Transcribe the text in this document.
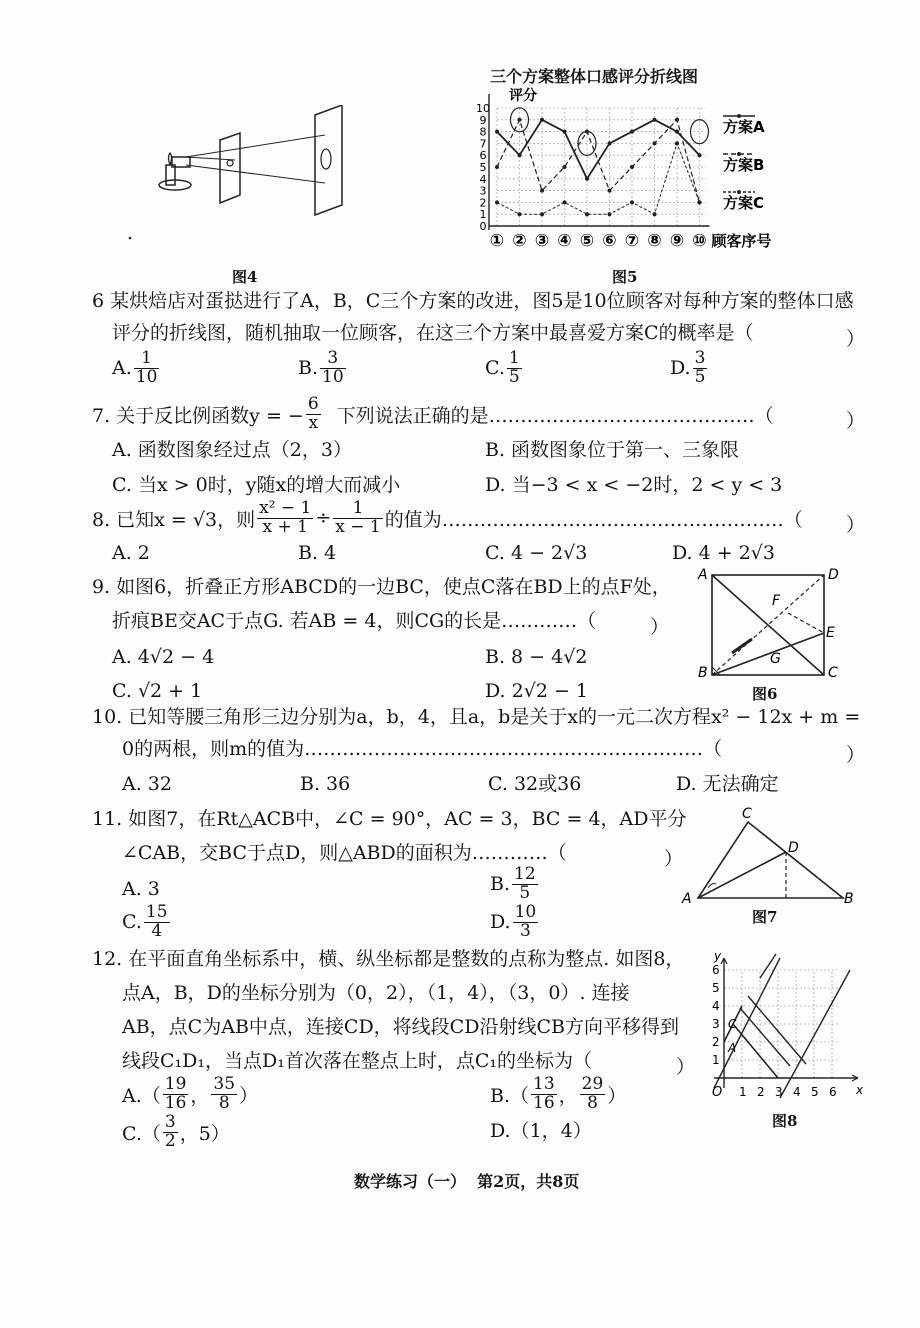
图4
三个方案整体口感评分折线图
0
1
2
3
4
5
6
7
8
9
10
① ② ③ ④ ⑤ ⑥ ⑦ ⑧ ⑨ ⑩
评分
顾客序号
方案A
方案B
方案C
图5
6 某烘焙店对蛋挞进行了A，B，C三个方案的改进，图5是10位顾客对每种方案的整体口感
评分的折线图，随机抽取一位顾客，在这三个方案中最喜爱方案C的概率是（	）
A. $\frac{1}{10}$	B. $\frac{3}{10}$	C. $\frac{1}{5}$	D. $\frac{3}{5}$
7. 关于反比例函数y = − $\frac{6}{x}$ 下列说法正确的是……………………………………（	）
A. 函数图象经过点（2，3）	B. 函数图象位于第一、三象限
C. 当x > 0时，y随x的增大而减小	D. 当−3 < x < −2时，2 < y < 3
8. 已知x = √3，则 $\frac{\text{x² − 1}}{x + 1} \div \frac{1}{x - 1}$ 的值为………………………………………………（ ）
A. 2	B. 4	C. 4 − 2√3	D. 4 + 2√3
9. 如图6，折叠正方形ABCD的一边BC，使点C落在BD上的点F处，
折痕BE交AC于点G. 若AB = 4，则CG的长是…………（	）
A. 4√2 − 4	B. 8 − 4√2
C. √2 + 1	D. 2√2 − 1
A	D
B	C
E
F
G
图6
10. 已知等腰三角形三边分别为a，b，4，且a，b是关于x的一元二次方程x² − 12x + m =
0的两根，则m的值为………………………………………………………（	）
A. 32	B. 36	C. 32或36	D. 无法确定
11. 如图7，在Rt△ACB中，∠C = 90°，AC = 3，BC = 4，AD平分
∠CAB，交BC于点D，则△ABD的面积为…………（	）
A. 3	B. $\frac{12}{5}$
C. $\frac{15}{4}$	D. $\frac{10}{3}$
C
D
A	B
图7
12. 在平面直角坐标系中，横、纵坐标都是整数的点称为整点. 如图8，
点A，B，D的坐标分别为（0，2），（1，4），（3，0）. 连接
AB，点C为AB中点，连接CD，将线段CD沿射线CB方向平移得到
线段C₁D₁，当点D₁首次落在整点上时，点C₁的坐标为（	）
$A.( \frac{19}{16}$ ， $\frac{35}{8}$ ）	$B.( \frac{13}{16}$ ， $\frac{29}{8}$ ）
$C.( \frac{3}{2}$ ，5）	D.（1，4）
y
x
O 1 2 3 4 5 6
1
2
3
4
5
6
C
A
图8
数学练习（一）  第2页，共8页
